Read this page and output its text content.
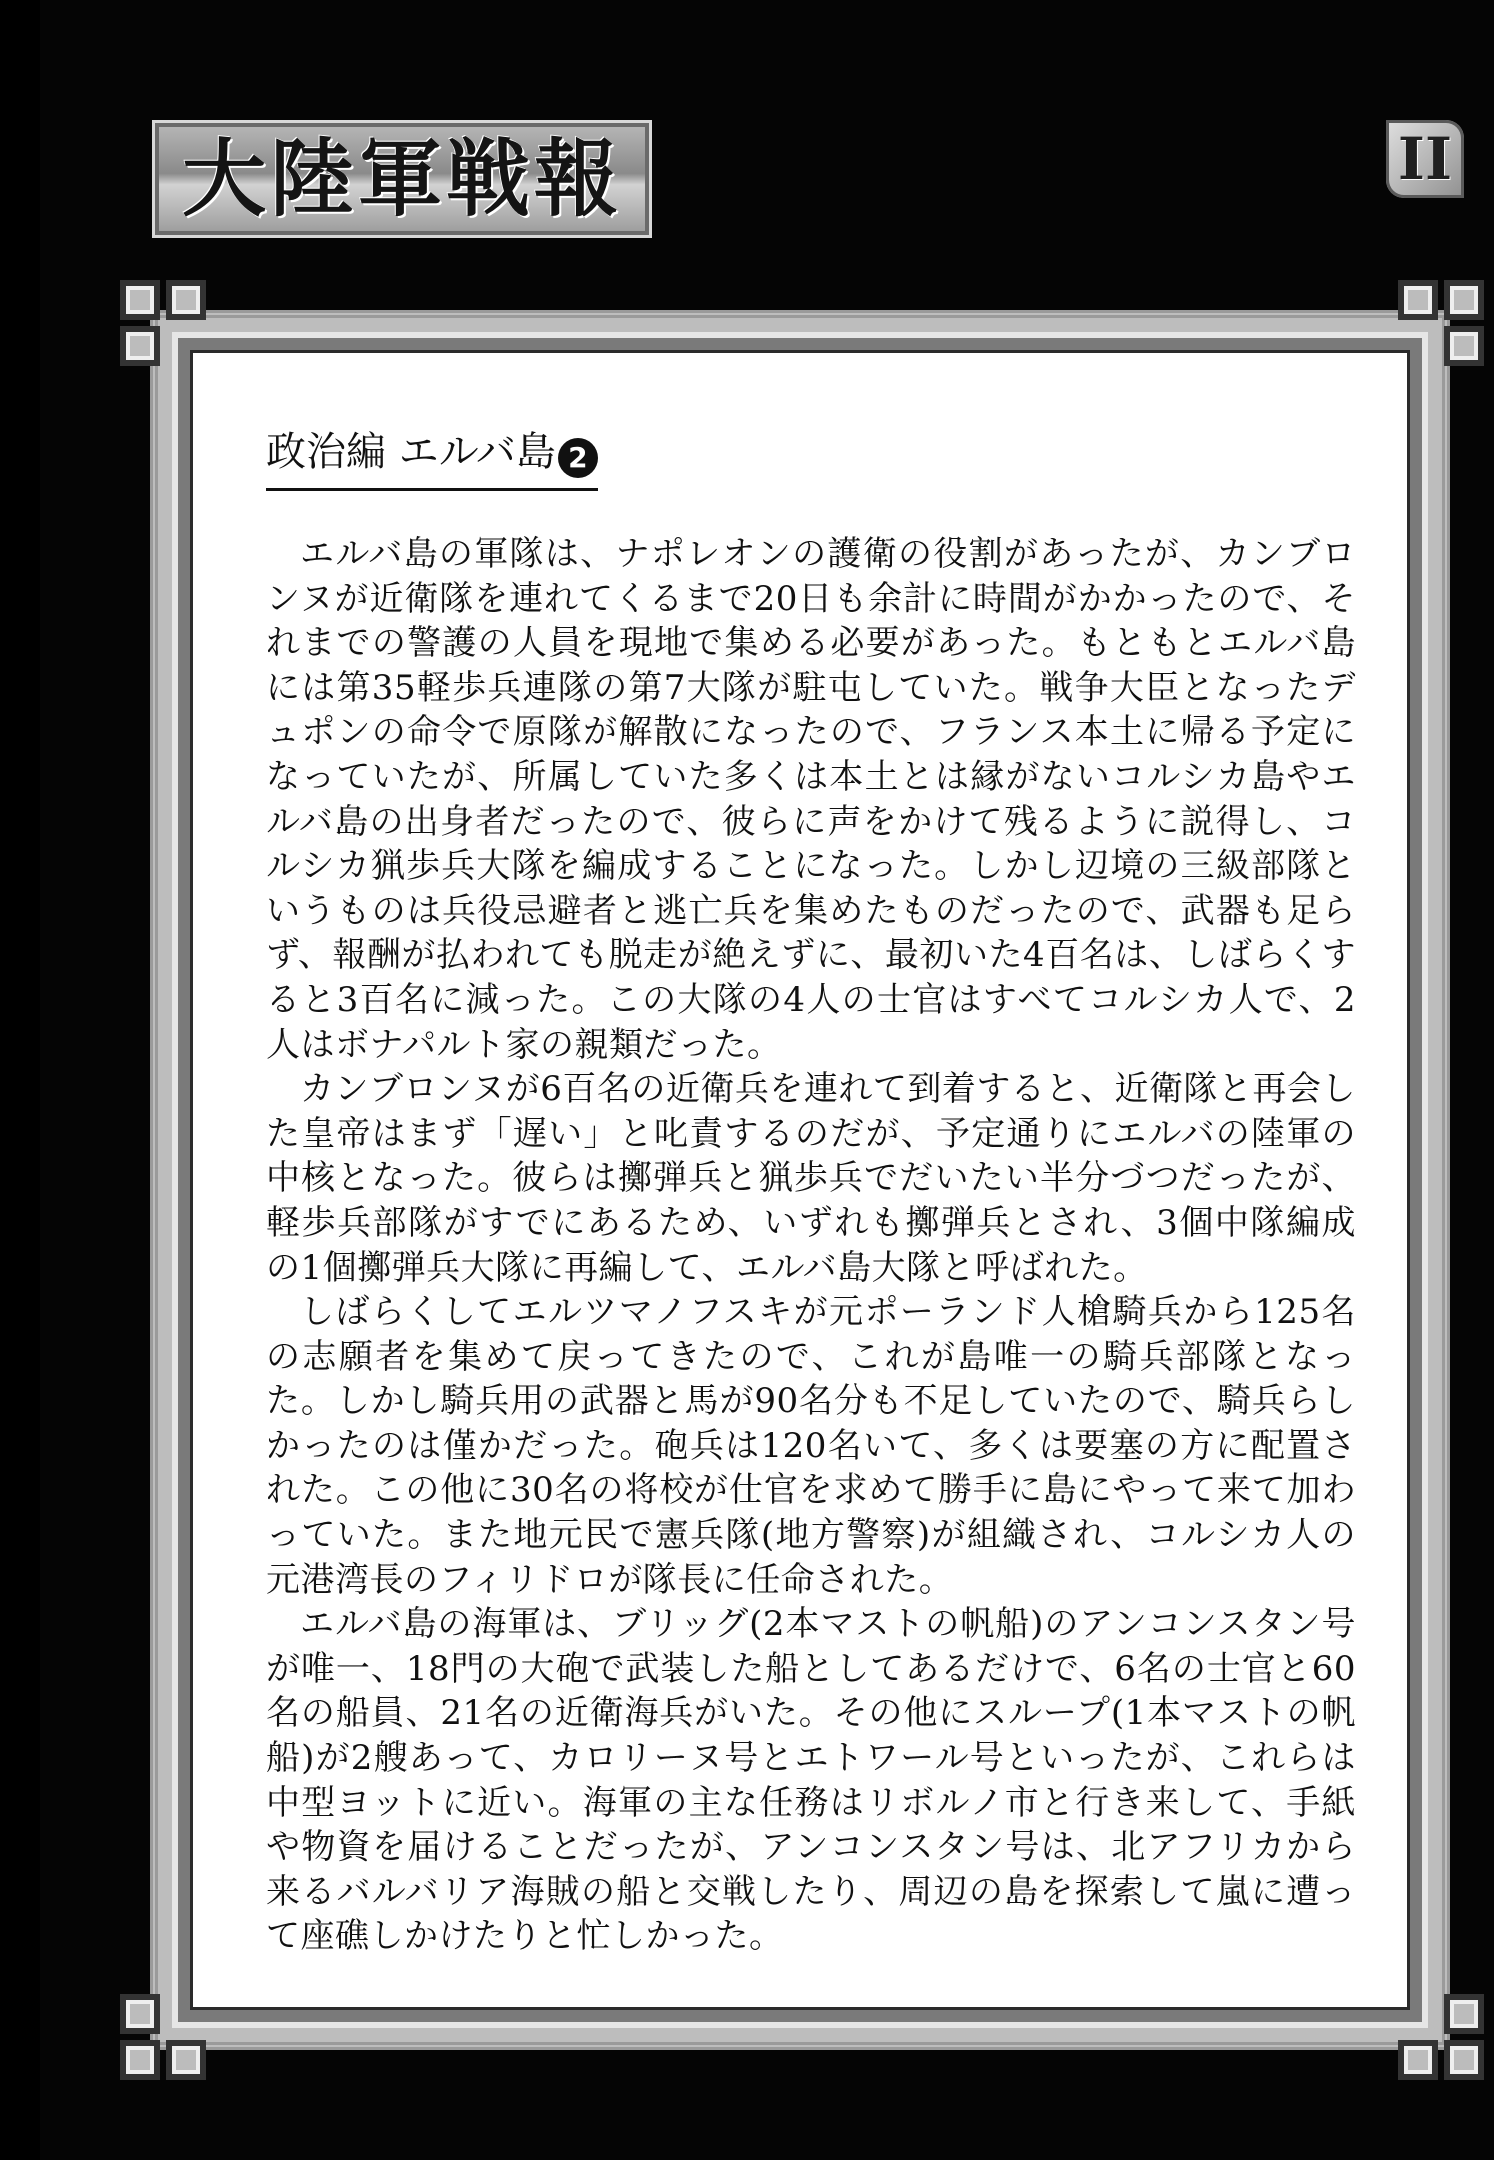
大陸軍戦報	II
政治編 エルバ島 2

エルバ島の軍隊は、ナポレオンの護衛の役割があったが、カンブロンヌが近衛隊を連れてくるまで20日も余計に時間がかかったので、それまでの警護の人員を現地で集める必要があった。もともとエルバ島には第35軽歩兵連隊の第7大隊が駐屯していた。戦争大臣となったデュポンの命令で原隊が解散になったので、フランス本土に帰る予定になっていたが、所属していた多くは本土とは縁がないコルシカ島やエルバ島の出身者だったので、彼らに声をかけて残るように説得し、コルシカ猟歩兵大隊を編成することになった。しかし辺境の三級部隊というものは兵役忌避者と逃亡兵を集めたものだったので、武器も足らず、報酬が払われても脱走が絶えずに、最初いた4百名は、しばらくすると3百名に減った。この大隊の4人の士官はすべてコルシカ人で、2人はボナパルト家の親類だった。

カンブロンヌが6百名の近衛兵を連れて到着すると、近衛隊と再会した皇帝はまず「遅い」と叱責するのだが、予定通りにエルバの陸軍の中核となった。彼らは擲弾兵と猟歩兵でだいたい半分づつだったが、軽歩兵部隊がすでにあるため、いずれも擲弾兵とされ、3個中隊編成の1個擲弾兵大隊に再編して、エルバ島大隊と呼ばれた。

しばらくしてエルツマノフスキが元ポーランド人槍騎兵から125名の志願者を集めて戻ってきたので、これが島唯一の騎兵部隊となった。しかし騎兵用の武器と馬が90名分も不足していたので、騎兵らしかったのは僅かだった。砲兵は120名いて、多くは要塞の方に配置された。この他に30名の将校が仕官を求めて勝手に島にやって来て加わっていた。また地元民で憲兵隊(地方警察)が組織され、コルシカ人の元港湾長のフィリドロが隊長に任命された。

エルバ島の海軍は、ブリッグ(2本マストの帆船)のアンコンスタン号が唯一、18門の大砲で武装した船としてあるだけで、6名の士官と60名の船員、21名の近衛海兵がいた。その他にスループ(1本マストの帆船)が2艘あって、カロリーヌ号とエトワール号といったが、これらは中型ヨットに近い。海軍の主な任務はリボルノ市と行き来して、手紙や物資を届けることだったが、アンコンスタン号は、北アフリカから来るバルバリア海賊の船と交戦したり、周辺の島を探索して嵐に遭って座礁しかけたりと忙しかった。
